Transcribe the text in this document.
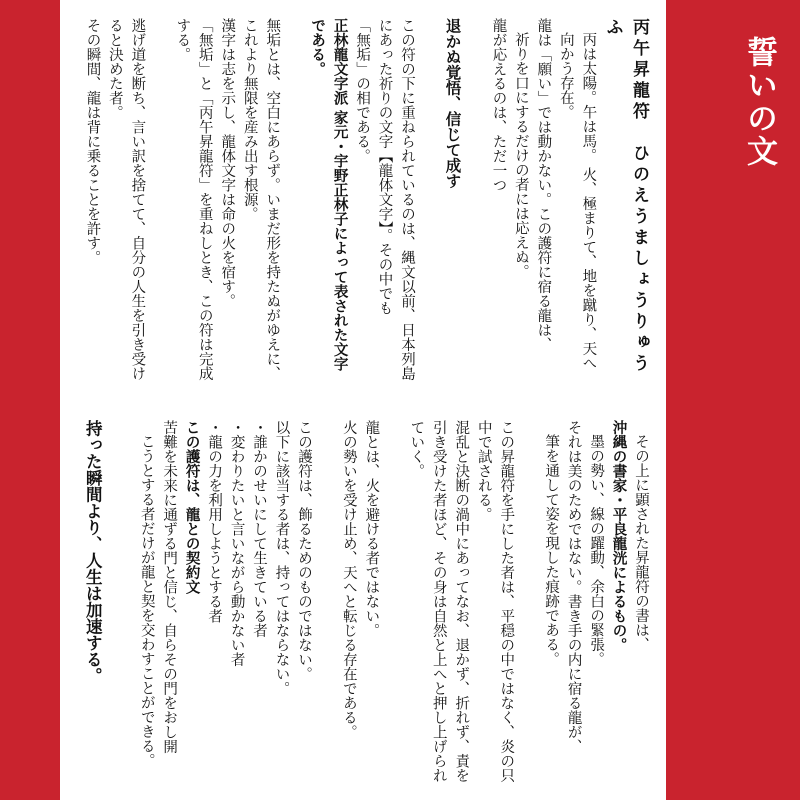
丙午昇龍符　ひのえうましょうりゅうふ

丙は太陽。午は馬。 火、極まりて、地を蹴り、天へ向かう存在。

龍は「願い」では動かない。この護符に宿る龍は、

祈りを口にするだけの者には応えぬ。

龍が応えるのは、ただ一つ

退かぬ覚悟、信じて成す

この符の下に重ねられているのは、縄文以前、日本列島にあった祈りの文字【龍体文字】。その中でも

「無垢」の相である。

正林龍文字派 家元・宇野正林子によって表された文字である。

無垢とは、空白にあらず。いまだ形を持たぬがゆえに、これより無限を産み出す根源。

漢字は志を示し、龍体文字は命の火を宿す。

「無垢」と「丙午昇龍符」を重ねしとき、この符は完成する。

逃げ道を断ち、言い訳を捨てて、自分の人生を引き受けると決めた者。

その瞬間、龍は背に乗ることを許す。

その上に顕された昇龍符の書は、

沖縄の書家・平良龍洸によるもの。

墨の勢い、線の躍動、余白の緊張。

それは美のためではない。書き手の内に宿る龍が、

筆を通して姿を現した痕跡である。

この昇龍符を手にした者は、平穏の中ではなく、炎の只中で試される。

混乱と決断の渦中にあってなお、退かず、折れず、責を引き受けた者ほど、その身は自然と上へと押し上げられていく。

龍とは、火を避ける者ではない。

火の勢いを受け止め、天へと転じる存在である。

この護符は、飾るためのものではない。

以下に該当する者は、持ってはならない。

・誰かのせいにして生きている者

・変わりたいと言いながら動かない者

・龍の力を利用しようとする者

この護符は、龍との契約文

苦難を未来に通ずる門と信じ、自らその門をおし開

こうとする者だけが龍と契を交わすことができる。

持った瞬間より、人生は加速する。

誓いの文
